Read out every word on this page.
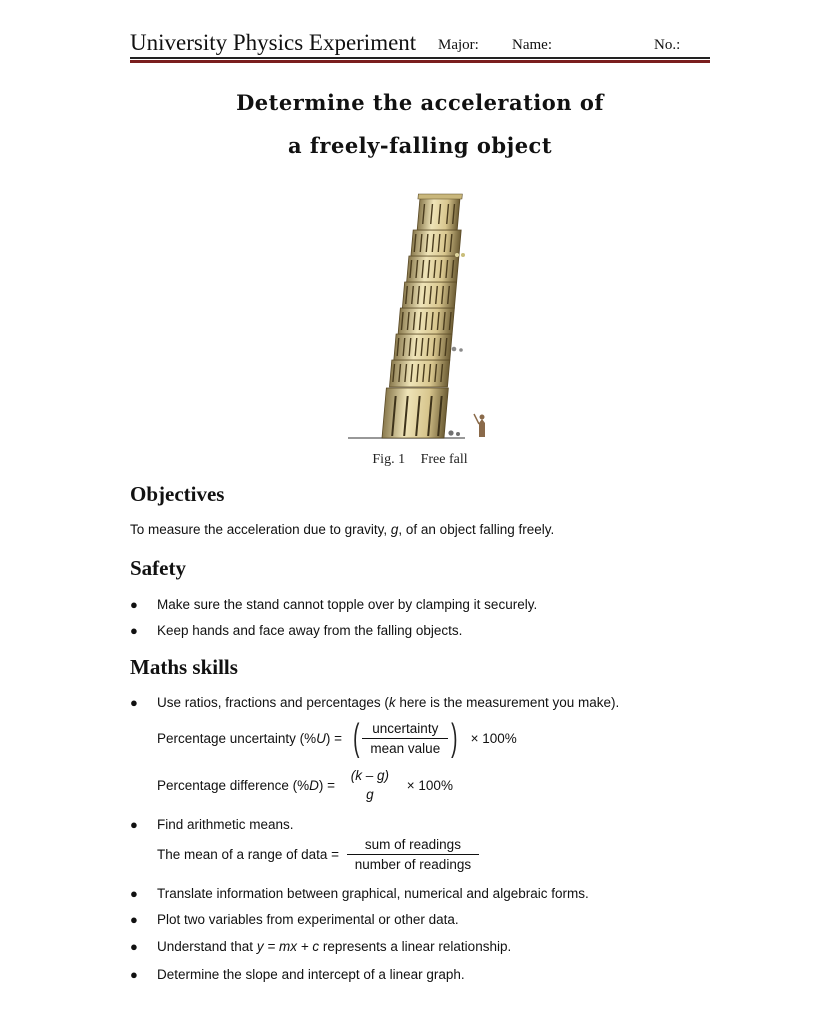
University Physics Experiment Major: Name:	No.:
Determine the acceleration of
a freely-falling object
Fig. 1 Free fall
Objectives
To measure the acceleration due to gravity, g, of an object falling freely.
Safety
● Make sure the stand cannot topple over by clamping it securely.
● Keep hands and face away from the falling objects.
Maths skills
● Use ratios, fractions and percentages (k here is the measurement you make).
Percentage uncertainty (%U) = ( $\frac{\text{uncertainty}}{\text{mean value}}$ ) × 100%
Percentage difference (%D) =
(k – g)
g
× 100%
● Find arithmetic means.
The mean of a range of data = $\frac{\text{sum of readings}}{\text{number of readings}}$
● Translate information between graphical, numerical and algebraic forms.
● Plot two variables from experimental or other data.
● Understand that y = mx + c represents a linear relationship.
● Determine the slope and intercept of a linear graph.
